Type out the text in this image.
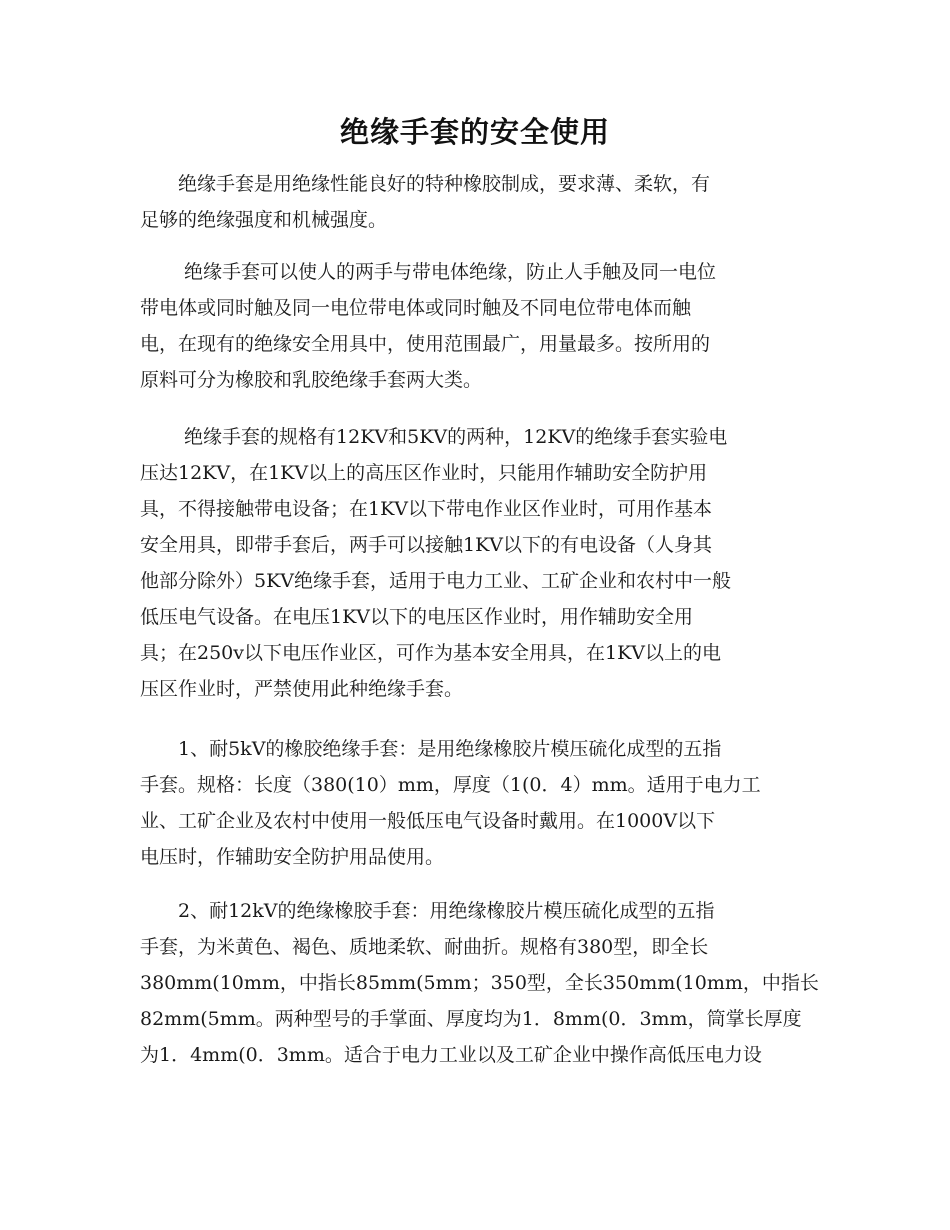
绝缘手套的安全使用
　　绝缘手套是用绝缘性能良好的特种橡胶制成，要求薄、柔软，有
足够的绝缘强度和机械强度。
　　 绝缘手套可以使人的两手与带电体绝缘，防止人手触及同一电位
带电体或同时触及同一电位带电体或同时触及不同电位带电体而触
电，在现有的绝缘安全用具中，使用范围最广，用量最多。按所用的
原料可分为橡胶和乳胶绝缘手套两大类。
　　 绝缘手套的规格有12KV和5KV的两种，12KV的绝缘手套实验电
压达12KV，在1KV以上的高压区作业时，只能用作辅助安全防护用
具，不得接触带电设备；在1KV以下带电作业区作业时，可用作基本
安全用具，即带手套后，两手可以接触1KV以下的有电设备（人身其
他部分除外）5KV绝缘手套，适用于电力工业、工矿企业和农村中一般
低压电气设备。在电压1KV以下的电压区作业时，用作辅助安全用
具；在250v以下电压作业区，可作为基本安全用具，在1KV以上的电
压区作业时，严禁使用此种绝缘手套。
　　1、耐5kV的橡胶绝缘手套：是用绝缘橡胶片模压硫化成型的五指
手套。规格：长度（380(10）mm，厚度（1(0．4）mm。适用于电力工
业、工矿企业及农村中使用一般低压电气设备时戴用。在1000V以下
电压时，作辅助安全防护用品使用。
　　2、耐12kV的绝缘橡胶手套：用绝缘橡胶片模压硫化成型的五指
手套，为米黄色、褐色、质地柔软、耐曲折。规格有380型，即全长
380mm(10mm，中指长85mm(5mm；350型，全长350mm(10mm，中指长
82mm(5mm。两种型号的手掌面、厚度均为1．8mm(0．3mm，筒掌长厚度
为1．4mm(0．3mm。适合于电力工业以及工矿企业中操作高低压电力设
